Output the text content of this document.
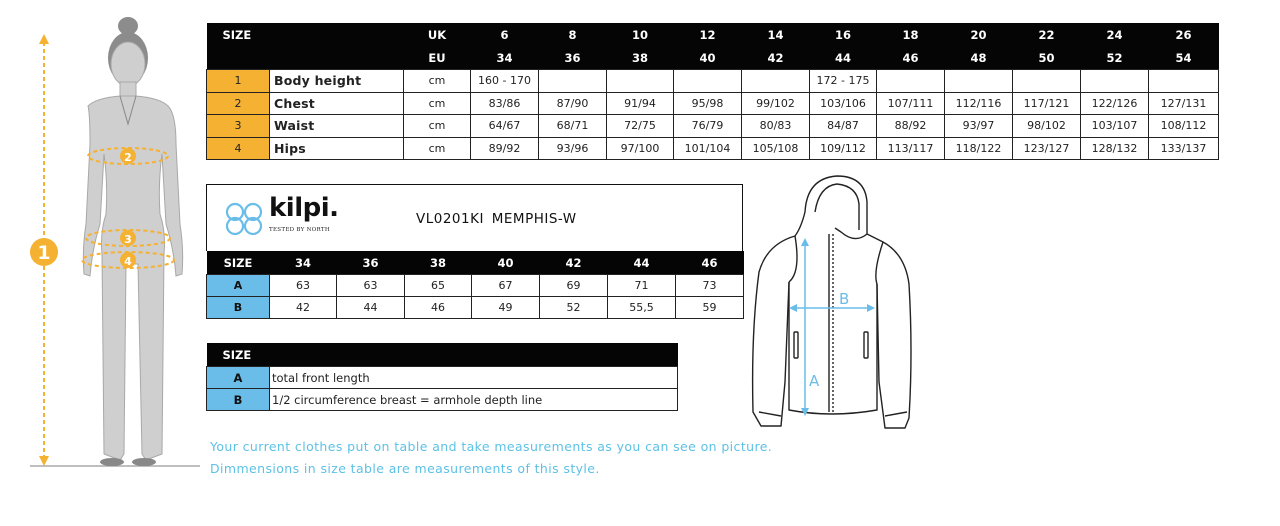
1
2
3
4
SIZE			UK	6	8	10	12	14	16	18	20	22	24	26
			EU	34	36	38	40	42	44	46	48	50	52	54
1	Body height		cm	160 - 170					172 - 175					
2	Chest		cm	83/86	87/90	91/94	95/98	99/102	103/106	107/111	112/116	117/121	122/126	127/131
3	Waist		cm	64/67	68/71	72/75	76/79	80/83	84/87	88/92	93/97	98/102	103/107	108/112
4	Hips		cm	89/92	93/96	97/100	101/104	105/108	109/112	113/117	118/122	123/127	128/132	133/137
kilpi.
TESTED BY NORTH
VL0201KI MEMPHIS-W
SIZE	34	36	38	40	42	44	46
A	63	63	65	67	69	71	73
B	42	44	46	49	52	55,5	59
A
B
SIZE	
A	total front length
B	1/2 circumference breast = armhole depth line
Your current clothes put on table and take measurements as you can see on picture.
Dimmensions in size table are measurements of this style.
